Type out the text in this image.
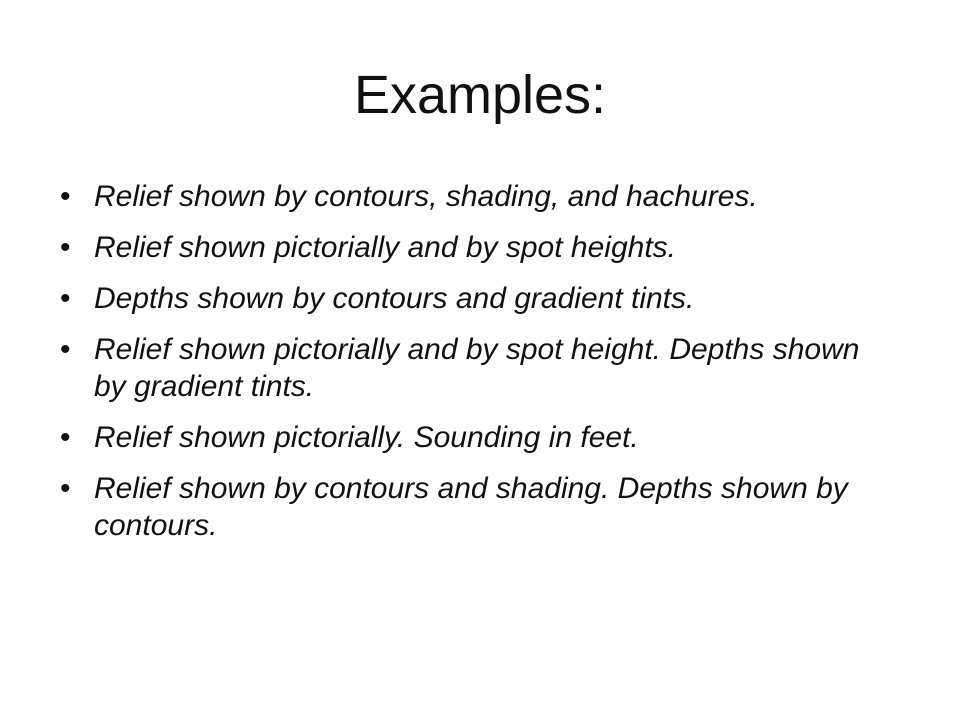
Examples:
• Relief shown by contours, shading, and hachures.
• Relief shown pictorially and by spot heights.
• Depths shown by contours and gradient tints.
• Relief shown pictorially and by spot height. Depths shown by gradient tints.
• Relief shown pictorially. Sounding in feet.
• Relief shown by contours and shading. Depths shown by contours.
